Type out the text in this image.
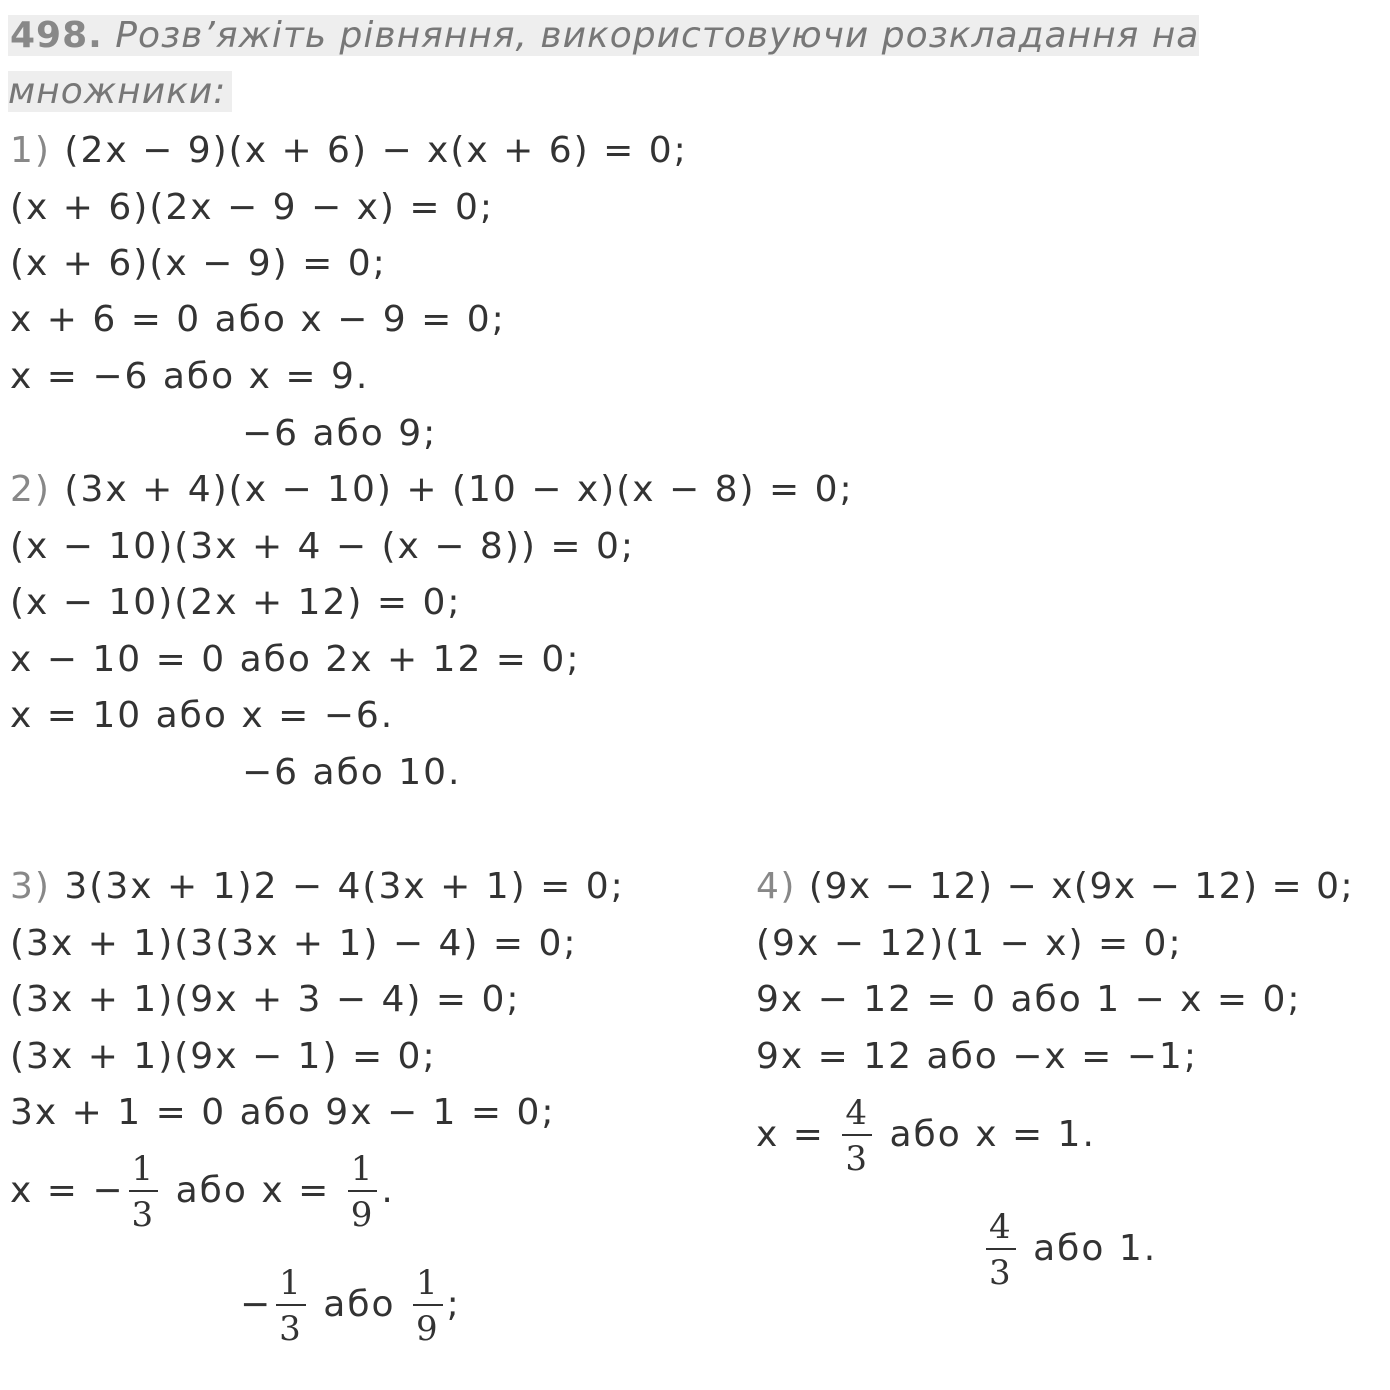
498. Розв’яжіть рівняння, використовуючи розкладання на множники:
1) (2x − 9)(x + 6) − x(x + 6) = 0;
(x + 6)(2x − 9 − x) = 0;
(x + 6)(x − 9) = 0;
x + 6 = 0 або x − 9 = 0;
x = −6 або x = 9.
−6 або 9;
2) (3x + 4)(x − 10) + (10 − x)(x − 8) = 0;
(x − 10)(3x + 4 − (x − 8)) = 0;
(x − 10)(2x + 12) = 0;
x − 10 = 0 або 2x + 12 = 0;
x = 10 або x = −6.
−6 або 10.
3) 3(3x + 1)2 − 4(3x + 1) = 0;
(3x + 1)(3(3x + 1) − 4) = 0;
(3x + 1)(9x + 3 − 4) = 0;
(3x + 1)(9x − 1) = 0;
3x + 1 = 0 або 9x − 1 = 0;
x = − $\frac{1}{3}$ або $x = \frac{1}{9}$ .
− $\frac{1}{3}$ або $\frac{1}{9}$ ;
4) (9x − 12) − x(9x − 12) = 0;
(9x − 12)(1 − x) = 0;
9x − 12 = 0 або 1 − x = 0;
9x = 12 або −x = −1;
$x = \frac{4}{3}$ або x = 1.
$\frac{4}{3}$ або 1.
